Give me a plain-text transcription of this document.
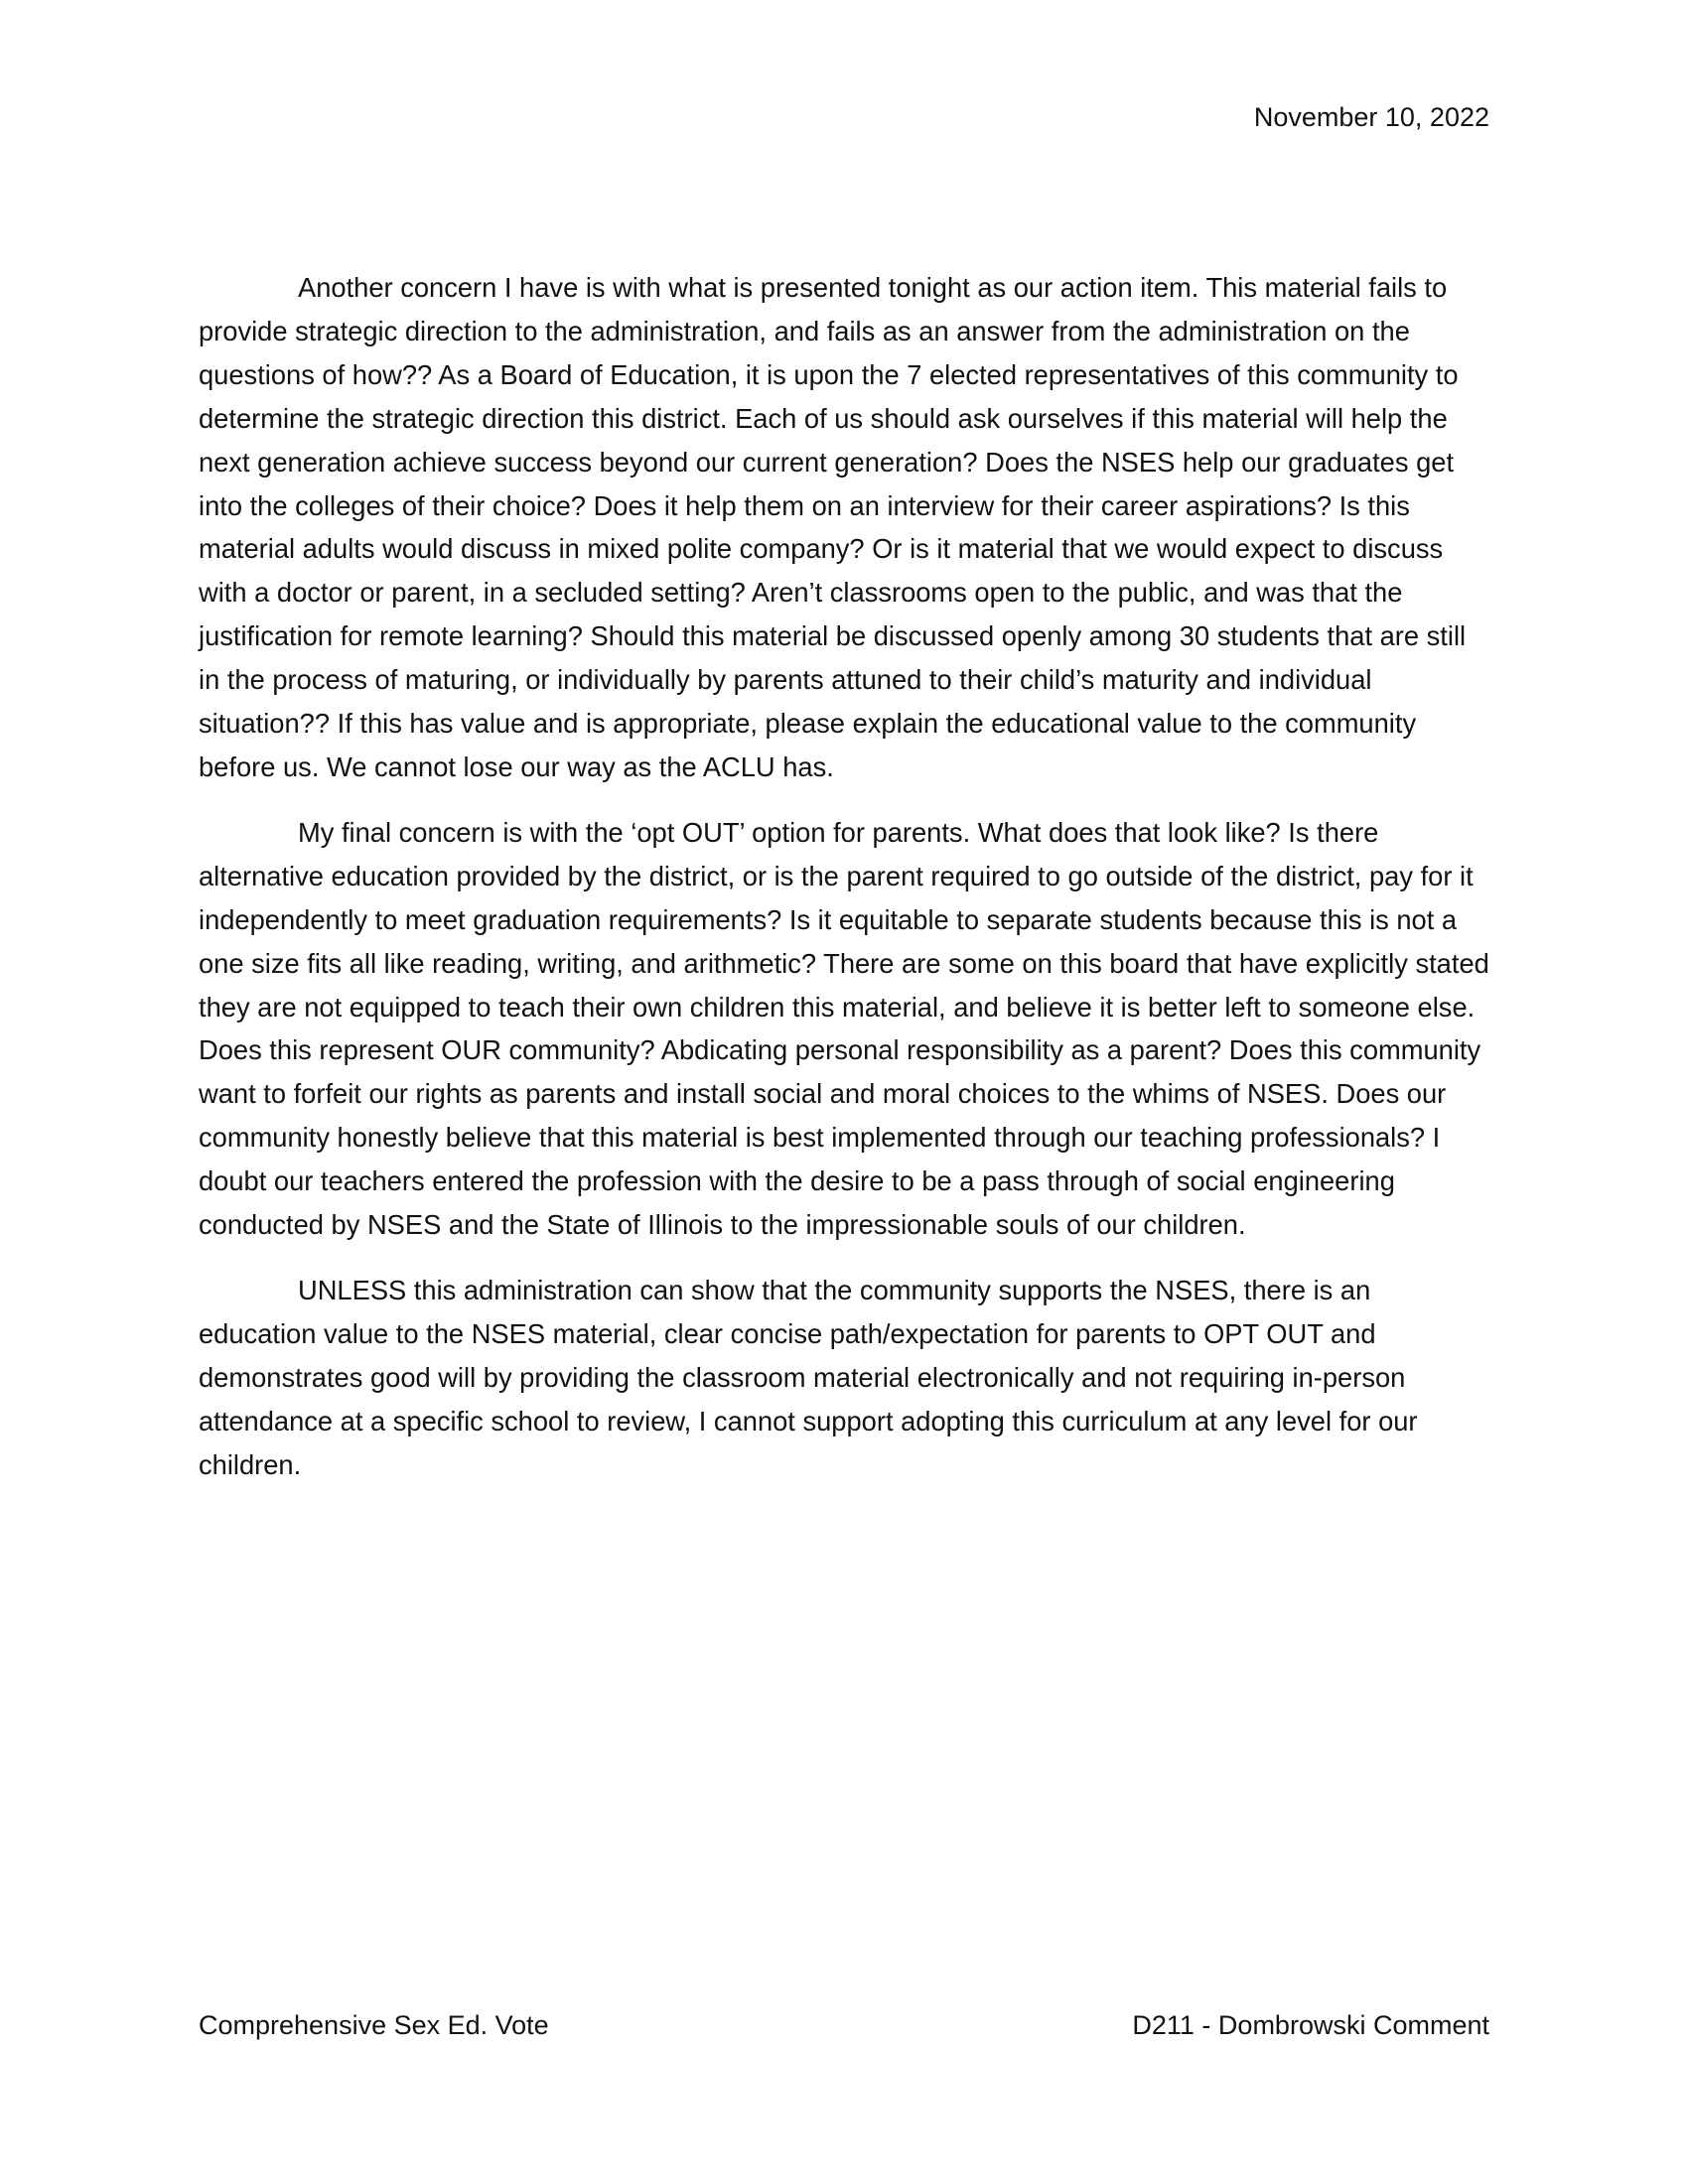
November 10, 2022

Another concern I have is with what is presented tonight as our action item. This material fails to provide strategic direction to the administration, and fails as an answer from the administration on the questions of how?? As a Board of Education, it is upon the 7 elected representatives of this community to determine the strategic direction this district. Each of us should ask ourselves if this material will help the next generation achieve success beyond our current generation? Does the NSES help our graduates get into the colleges of their choice? Does it help them on an interview for their career aspirations? Is this material adults would discuss in mixed polite company? Or is it material that we would expect to discuss with a doctor or parent, in a secluded setting? Aren’t classrooms open to the public, and was that the justification for remote learning? Should this material be discussed openly among 30 students that are still in the process of maturing, or individually by parents attuned to their child’s maturity and individual situation?? If this has value and is appropriate, please explain the educational value to the community before us. We cannot lose our way as the ACLU has.

My final concern is with the ‘opt OUT’ option for parents. What does that look like? Is there alternative education provided by the district, or is the parent required to go outside of the district, pay for it independently to meet graduation requirements? Is it equitable to separate students because this is not a one size fits all like reading, writing, and arithmetic? There are some on this board that have explicitly stated they are not equipped to teach their own children this material, and believe it is better left to someone else. Does this represent OUR community? Abdicating personal responsibility as a parent? Does this community want to forfeit our rights as parents and install social and moral choices to the whims of NSES. Does our community honestly believe that this material is best implemented through our teaching professionals? I doubt our teachers entered the profession with the desire to be a pass through of social engineering conducted by NSES and the State of Illinois to the impressionable souls of our children.

UNLESS this administration can show that the community supports the NSES, there is an education value to the NSES material, clear concise path/expectation for parents to OPT OUT and demonstrates good will by providing the classroom material electronically and not requiring in-person attendance at a specific school to review, I cannot support adopting this curriculum at any level for our children.

Comprehensive Sex Ed. Vote	D211 - Dombrowski Comment
